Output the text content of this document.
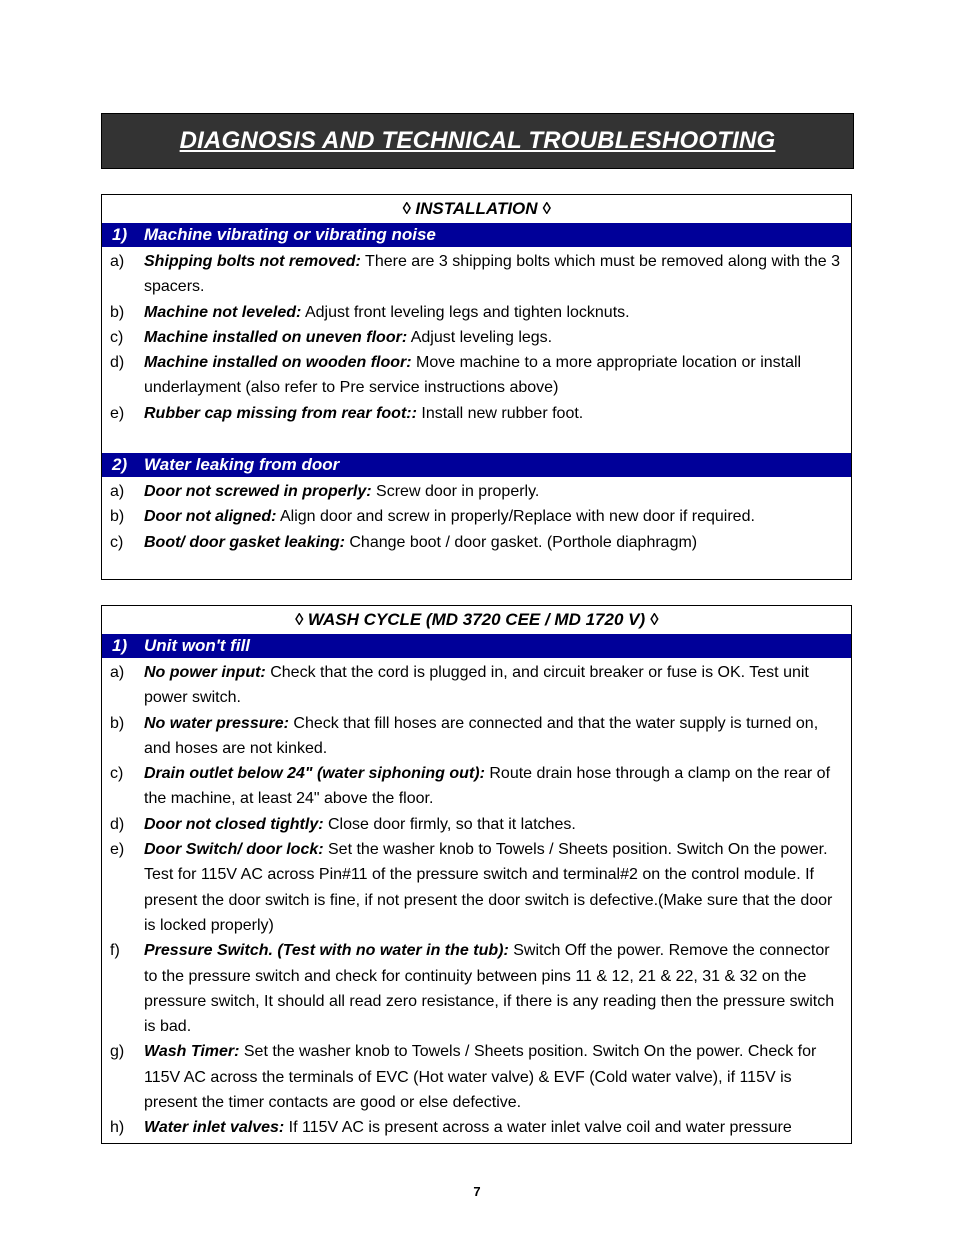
DIAGNOSIS AND TECHNICAL TROUBLESHOOTING
◊ INSTALLATION ◊
1) Machine vibrating or vibrating noise
a)	Shipping bolts not removed: There are 3 shipping bolts which must be removed along with the 3 spacers.
b)	Machine not leveled: Adjust front leveling legs and tighten locknuts.
c)	Machine installed on uneven floor: Adjust leveling legs.
d)	Machine installed on wooden floor: Move machine to a more appropriate location or install underlayment (also refer to Pre service instructions above)
e)	Rubber cap missing from rear foot:: Install new rubber foot.
2) Water leaking from door
a)	Door not screwed in properly: Screw door in properly.
b)	Door not aligned: Align door and screw in properly/Replace with new door if required.
c)	Boot/ door gasket leaking: Change boot / door gasket. (Porthole diaphragm)
◊ WASH CYCLE (MD 3720 CEE / MD 1720 V) ◊
1) Unit won't fill
a)	No power input: Check that the cord is plugged in, and circuit breaker or fuse is OK. Test unit power switch.
b)	No water pressure: Check that fill hoses are connected and that the water supply is turned on, and hoses are not kinked.
c)	Drain outlet below 24" (water siphoning out): Route drain hose through a clamp on the rear of the machine, at least 24" above the floor.
d)	Door not closed tightly: Close door firmly, so that it latches.
e)	Door Switch/ door lock: Set the washer knob to Towels / Sheets position. Switch On the power. Test for 115V AC across Pin#11 of the pressure switch and terminal#2 on the control module. If present the door switch is fine, if not present the door switch is defective.(Make sure that the door is locked properly)
f)	Pressure Switch. (Test with no water in the tub): Switch Off the power. Remove the connector to the pressure switch and check for continuity between pins 11 & 12, 21 & 22, 31 & 32 on the pressure switch, It should all read zero resistance, if there is any reading then the pressure switch is bad.
g)	Wash Timer: Set the washer knob to Towels / Sheets position. Switch On the power. Check for 115V AC across the terminals of EVC (Hot water valve) & EVF (Cold water valve), if 115V is present the timer contacts are good or else defective.
h)	Water inlet valves: If 115V AC is present across a water inlet valve coil and water pressure
7
